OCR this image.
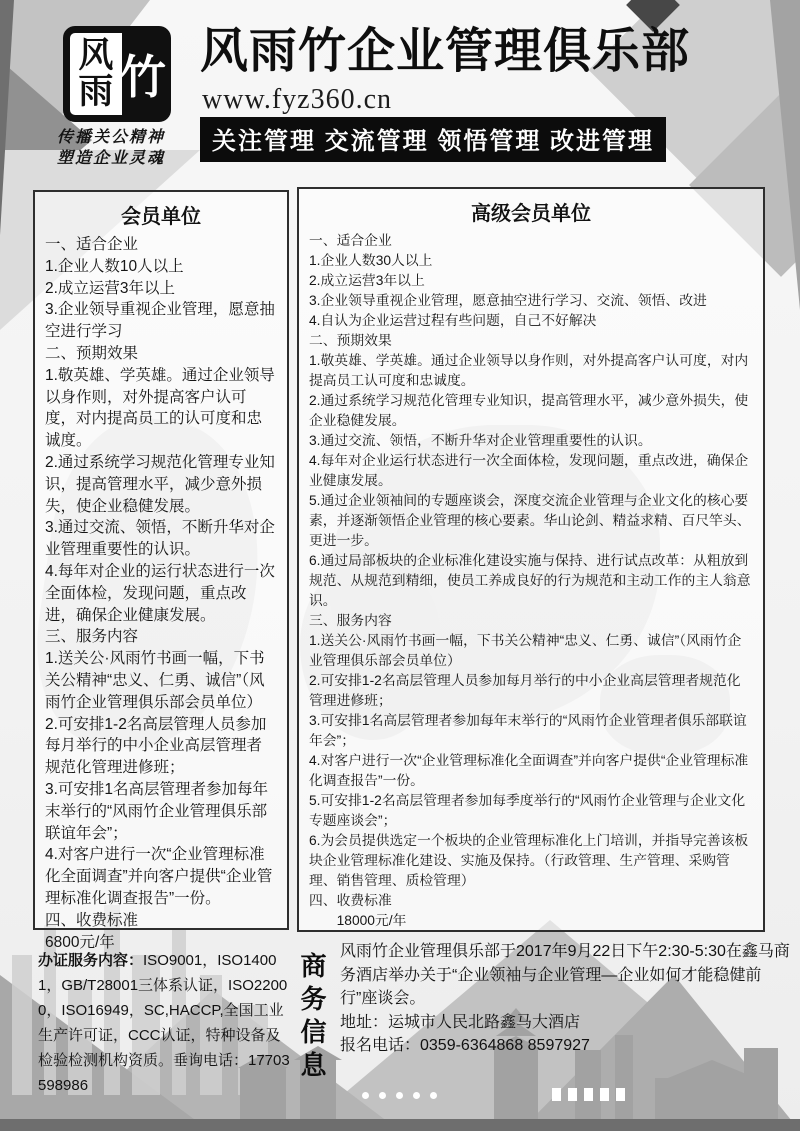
风
雨 竹
传播关公精神
塑造企业灵魂
风雨竹企业管理俱乐部
www.fyz360.cn
关注管理 交流管理 领悟管理 改进管理
会员单位

一、适合企业

1.企业人数10人以上

2.成立运营3年以上

3.企业领导重视企业管理，愿意抽空进行学习

二、预期效果

1.敬英雄、学英雄。通过企业领导以身作则，对外提高客户认可度，对内提高员工的认可度和忠诚度。

2.通过系统学习规范化管理专业知识，提高管理水平，减少意外损失，使企业稳健发展。

3.通过交流、领悟，不断升华对企业管理重要性的认识。

4.每年对企业的运行状态进行一次全面体检，发现问题，重点改进，确保企业健康发展。

三、服务内容

1.送关公·风雨竹书画一幅，下书关公精神“忠义、仁勇、诚信”（风雨竹企业管理俱乐部会员单位）

2.可安排1-2名高层管理人员参加每月举行的中小企业高层管理者规范化管理进修班；

3.可安排1名高层管理者参加每年末举行的“风雨竹企业管理俱乐部联谊年会”；

4.对客户进行一次“企业管理标准化全面调查”并向客户提供“企业管理标准化调查报告”一份。

四、收费标准

6800元/年

高级会员单位

一、适合企业

1.企业人数30人以上

2.成立运营3年以上

3.企业领导重视企业管理，愿意抽空进行学习、交流、领悟、改进

4.自认为企业运营过程有些问题，自己不好解决

二、预期效果

1.敬英雄、学英雄。通过企业领导以身作则，对外提高客户认可度，对内提高员工认可度和忠诚度。

2.通过系统学习规范化管理专业知识，提高管理水平，减少意外损失，使企业稳健发展。

3.通过交流、领悟，不断升华对企业管理重要性的认识。

4.每年对企业运行状态进行一次全面体检，发现问题，重点改进，确保企业健康发展。

5.通过企业领袖间的专题座谈会，深度交流企业管理与企业文化的核心要素，并逐渐领悟企业管理的核心要素。华山论剑、精益求精、百尺竿头、更进一步。

6.通过局部板块的企业标准化建设实施与保持、进行试点改革：从粗放到规范、从规范到精细，使员工养成良好的行为规范和主动工作的主人翁意识。

三、服务内容

1.送关公·风雨竹书画一幅，下书关公精神“忠义、仁勇、诚信”（风雨竹企业管理俱乐部会员单位）

2.可安排1-2名高层管理人员参加每月举行的中小企业高层管理者规范化管理进修班；

3.可安排1名高层管理者参加每年末举行的“风雨竹企业管理者俱乐部联谊年会”；

4.对客户进行一次“企业管理标准化全面调查”并向客户提供“企业管理标准化调查报告”一份。

5.可安排1-2名高层管理者参加每季度举行的“风雨竹企业管理与企业文化专题座谈会”；

6.为会员提供选定一个板块的企业管理标准化上门培训，并指导完善该板块企业管理标准化建设、实施及保持。（行政管理、生产管理、采购管理、销售管理、质检管理）

四、收费标准

　　18000元/年

办证服务内容：ISO9001，ISO14001，GB/T28001三体系认证，ISO22000，ISO16949，SC,HACCP,全国工业生产许可证，CCC认证，特种设备及检验检测机构资质。垂询电话：17703598986
商务信息

风雨竹企业管理俱乐部于2017年9月22日下午2:30-5:30在鑫马商务酒店举办关于“企业领袖与企业管理—企业如何才能稳健前行”座谈会。

地址：运城市人民北路鑫马大酒店

报名电话：0359-6364868 8597927
